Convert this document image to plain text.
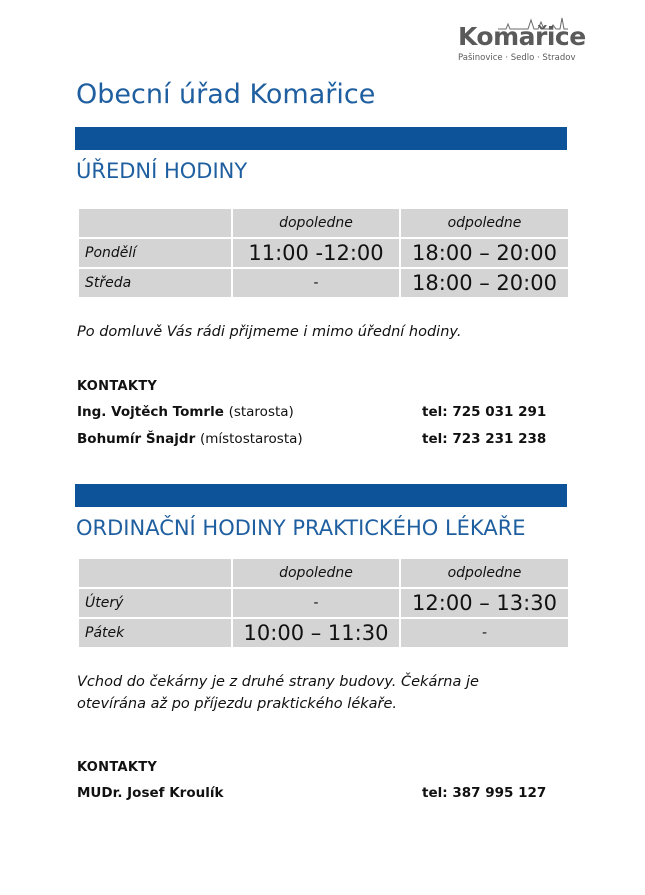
Komařice
Pašinovice · Sedlo · Stradov
Obecní úřad Komařice
ÚŘEDNÍ HODINY
	dopoledne	odpoledne
Pondělí	11:00 -12:00	18:00 – 20:00
Středa	-	18:00 – 20:00

Po domluvě Vás rádi přijmeme i mimo úřední hodiny.

KONTAKTY

Ing. Vojtěch Tomrle (starosta)	tel: 725 031 291
Bohumír Šnajdr (místostarosta)	tel: 723 231 238
ORDINAČNÍ HODINY PRAKTICKÉHO LÉKAŘE
	dopoledne	odpoledne
Úterý	-	12:00 – 13:30
Pátek	10:00 – 11:30	-

Vchod do čekárny je z druhé strany budovy. Čekárna je otevírána až po příjezdu praktického lékaře.

KONTAKTY

MUDr. Josef Kroulík	tel: 387 995 127
